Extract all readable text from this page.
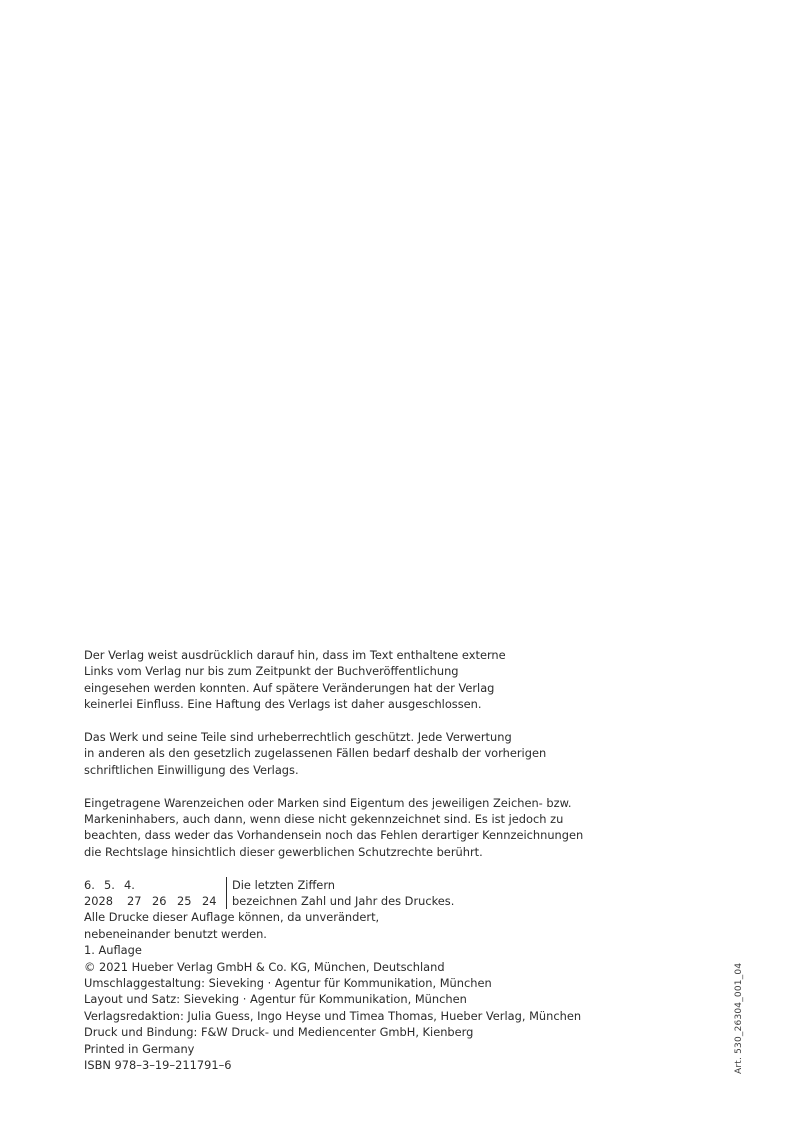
Der Verlag weist ausdrücklich darauf hin, dass im Text enthaltene externe
Links vom Verlag nur bis zum Zeitpunkt der Buchveröffentlichung
eingesehen werden konnten. Auf spätere Veränderungen hat der Verlag
keinerlei Einfluss. Eine Haftung des Verlags ist daher ausgeschlossen.

Das Werk und seine Teile sind urheberrechtlich geschützt. Jede Verwertung
in anderen als den gesetzlich zugelassenen Fällen bedarf deshalb der vorherigen
schriftlichen Einwilligung des Verlags.

Eingetragene Warenzeichen oder Marken sind Eigentum des jeweiligen Zeichen- bzw.
Markeninhabers, auch dann, wenn diese nicht gekennzeichnet sind. Es ist jedoch zu
beachten, dass weder das Vorhandensein noch das Fehlen derartiger Kennzeichnungen
die Rechtslage hinsichtlich dieser gewerblichen Schutzrechte berührt.

6. 5. 4.
2028 27 26 25 24
Die letzten Ziffern
bezeichnen Zahl und Jahr des Druckes.
Alle Drucke dieser Auflage können, da unverändert,
nebeneinander benutzt werden.
1. Auflage
© 2021 Hueber Verlag GmbH & Co. KG, München, Deutschland
Umschlaggestaltung: Sieveking · Agentur für Kommunikation, München
Layout und Satz: Sieveking · Agentur für Kommunikation, München
Verlagsredaktion: Julia Guess, Ingo Heyse und Timea Thomas, Hueber Verlag, München
Druck und Bindung: F&W Druck- und Mediencenter GmbH, Kienberg
Printed in Germany
ISBN 978–3–19–211791–6	Art. 530_26304_001_04
